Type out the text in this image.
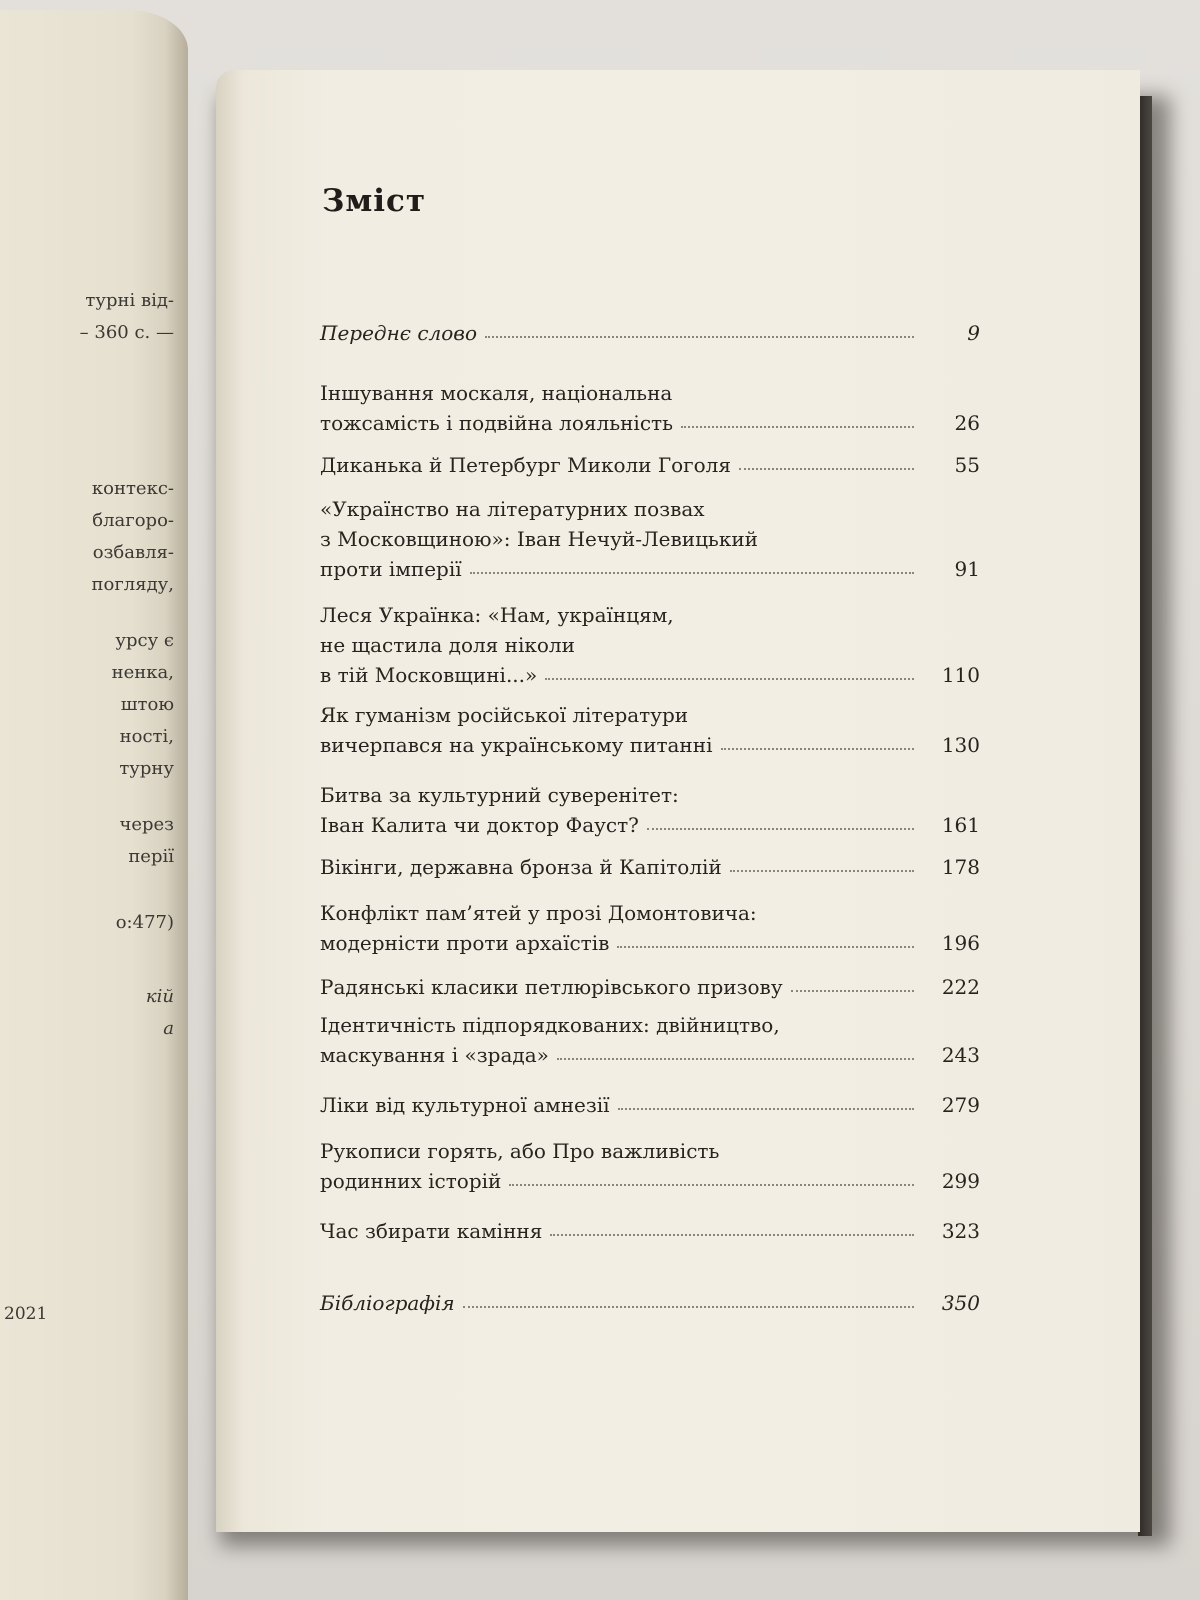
турні від-
– 360 с. —
контекс-
благоро-
озбавля-
погляду,
урсу є
ненка,
штою
ності,
турну
через
перії
o:477)
кій
а
2021
Зміст
Переднє слово	9
Іншування москаля, національна
тожсамість і подвійна лояльність	26
Диканька й Петербург Миколи Гоголя	55
«Українство на літературних позвах
з Московщиною»: Іван Нечуй-Левицький
проти імперії	91
Леся Українка: «Нам, українцям,
не щастила доля ніколи
в тій Московщині...»	110
Як гуманізм російської літератури
вичерпався на українському питанні	130
Битва за культурний суверенітет:
Іван Калита чи доктор Фауст?	161
Вікінги, державна бронза й Капітолій	178
Конфлікт пам’ятей у прозі Домонтовича:
модерністи проти архаїстів	196
Радянські класики петлюрівського призову	222
Ідентичність підпорядкованих: двійництво,
маскування і «зрада»	243
Ліки від культурної амнезії	279
Рукописи горять, або Про важливість
родинних історій	299
Час збирати каміння	323
Бібліографія	350
